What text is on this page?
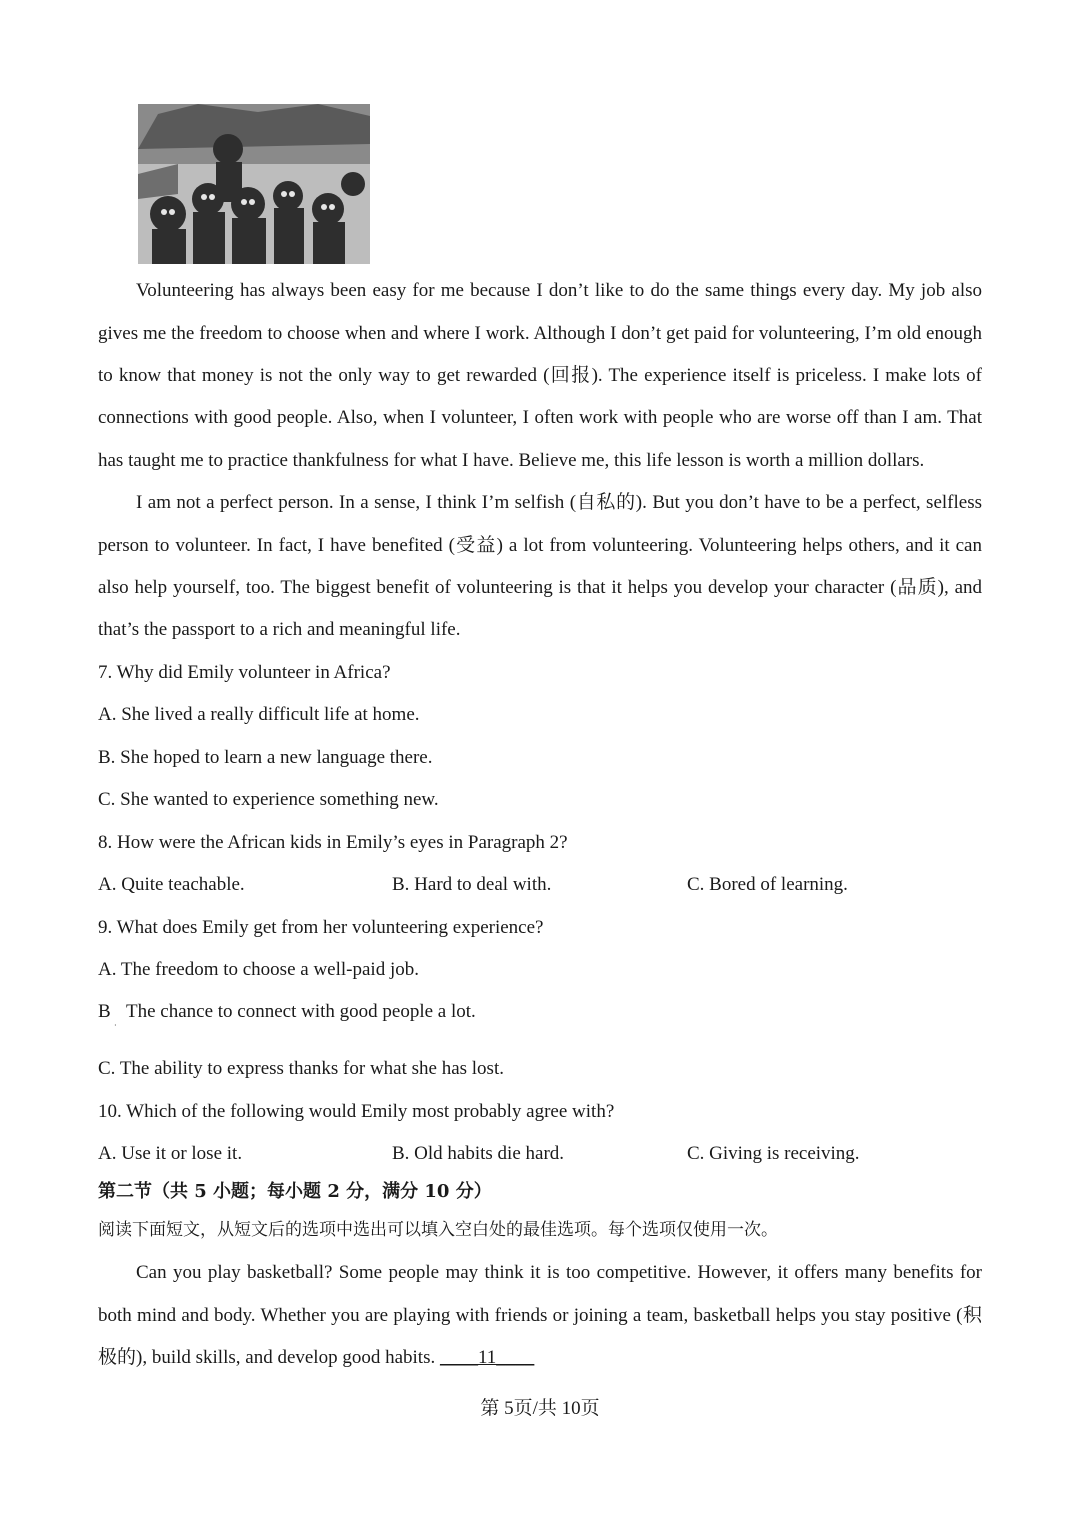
Volunteering has always been easy for me because I don’t like to do the same things every day. My job also
gives me the freedom to choose when and where I work. Although I don’t get paid for volunteering, I’m old enough
to know that money is not the only way to get rewarded (回报). The experience itself is priceless. I make lots of
connections with good people. Also, when I volunteer, I often work with people who are worse off than I am. That
has taught me to practice thankfulness for what I have. Believe me, this life lesson is worth a million dollars.
I am not a perfect person. In a sense, I think I’m selfish (自私的). But you don’t have to be a perfect, selfless
person to volunteer. In fact, I have benefited (受益) a lot from volunteering. Volunteering helps others, and it can
also help yourself, too. The biggest benefit of volunteering is that it helps you develop your character (品质), and
that’s the passport to a rich and meaningful life.
7. Why did Emily volunteer in Africa?
A. She lived a really difficult life at home.
B. She hoped to learn a new language there.
C. She wanted to experience something new.
8. How were the African kids in Emily’s eyes in Paragraph 2?
A. Quite teachable.	B. Hard to deal with.	C. Bored of learning.
9. What does Emily get from her volunteering experience?
A. The freedom to choose a well-paid job.
B
·
The chance to connect with good people a lot.
C. The ability to express thanks for what she has lost.
10. Which of the following would Emily most probably agree with?
A. Use it or lose it.	B. Old habits die hard.	C. Giving is receiving.
第二节（共 5 小题；每小题 2 分，满分 10 分）
阅读下面短文，从短文后的选项中选出可以填入空白处的最佳选项。每个选项仅使用一次。
Can you play basketball? Some people may think it is too competitive. However, it offers many benefits for
both mind and body. Whether you are playing with friends or joining a team, basketball helps you stay positive (积
极的), build skills, and develop good habits. ____11____
第 5页/共 10页
